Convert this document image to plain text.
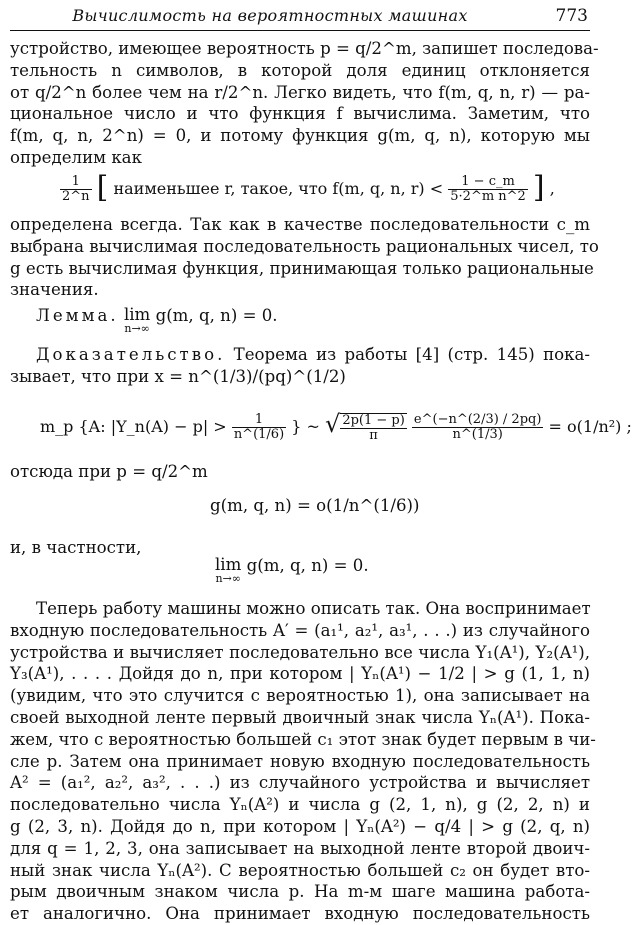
Вычислимость на вероятностных машинах	773
устройство, имеющее вероятность p = q/2^m, запишет последова-
тельность n символов, в которой доля единиц отклоняется
от q/2^n более чем на r/2^n. Легко видеть, что f(m, q, n, r) — ра-
циональное число и что функция f вычислима. Заметим, что
f(m, q, n, 2^n) = 0, и потому функция g(m, q, n), которую мы
определим как
$\frac{1}{2\^{}n}$ [ наименьшее r, такое, что f(m, q, n, $r) < \frac{1 - c\_m}{\text{5·2\textasciicircum{}m n\textasciicircum{}2}}$ ] ,
определена всегда. Так как в качестве последовательности c_m
выбрана вычислимая последовательность рациональных чисел, то
g есть вычислимая функция, принимающая только рациональные
значения.
Лемма. lim
n→∞
g(m, q, n) = 0.
Доказательство. Теорема из работы [4] (стр. 145) пока-
зывает, что при x = n^(1/3)/(pq)^(1/2)
m_p {A: |Y_n(A) − $p| > \frac{1}{n\^{}(1/6)}$ } ~ √ $\frac{2p(1 - p)}{\pi}$
$\frac{e\^{}(-n\^{}(2/3) / 2pq)}{n\^{}(1/3)} = o(1/n^2)$ ;
отсюда при p = q/2^m
g(m, q, n) = o(1/n^(1/6))
и, в частности,
lim
n→∞
g(m, q, n) = 0.
Теперь работу машины можно описать так. Она воспринимает
входную последовательность A′ = (a₁¹, a₂¹, a₃¹, . . .) из случайного
устройства и вычисляет последовательно все числа Y₁(A¹), Y₂(A¹),
Y₃(A¹), . . . . Дойдя до n, при котором | Yₙ(A¹) − 1/2 | > g (1, 1, n)
(увидим, что это случится с вероятностью 1), она записывает на
своей выходной ленте первый двоичный знак числа Yₙ(A¹). Пока-
жем, что с вероятностью большей c₁ этот знак будет первым в чи-
сле p. Затем она принимает новую входную последовательность
A² = (a₁², a₂², a₃², . . .) из случайного устройства и вычисляет
последовательно числа Yₙ(A²) и числа g (2, 1, n), g (2, 2, n) и
g (2, 3, n). Дойдя до n, при котором | Yₙ(A²) − q/4 | > g (2, q, n)
для q = 1, 2, 3, она записывает на выходной ленте второй двоич-
ный знак числа Yₙ(A²). С вероятностью большей c₂ он будет вто-
рым двоичным знаком числа p. На m-м шаге машина работа-
ет аналогично. Она принимает входную последовательность
